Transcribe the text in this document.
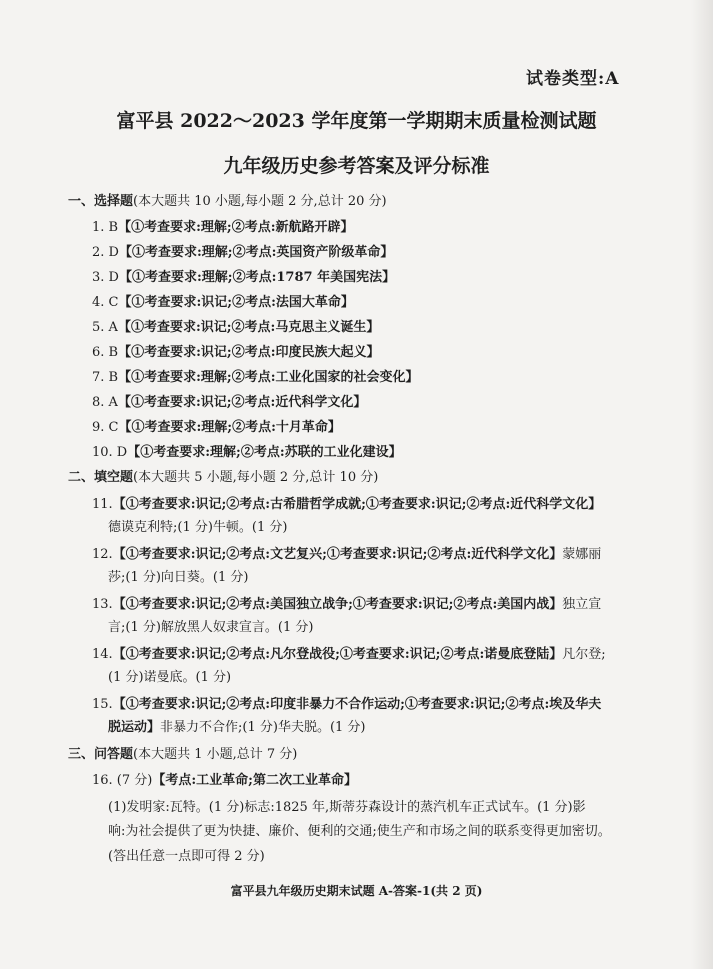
试卷类型:A
富平县 2022～2023 学年度第一学期期末质量检测试题
九年级历史参考答案及评分标准
一、选择题(本大题共 10 小题,每小题 2 分,总计 20 分)
1. B【①考查要求:理解;②考点:新航路开辟】
2. D【①考查要求:理解;②考点:英国资产阶级革命】
3. D【①考查要求:理解;②考点:1787 年美国宪法】
4. C【①考查要求:识记;②考点:法国大革命】
5. A【①考查要求:识记;②考点:马克思主义诞生】
6. B【①考查要求:识记;②考点:印度民族大起义】
7. B【①考查要求:理解;②考点:工业化国家的社会变化】
8. A【①考查要求:识记;②考点:近代科学文化】
9. C【①考查要求:理解;②考点:十月革命】
10. D【①考查要求:理解;②考点:苏联的工业化建设】
二、填空题(本大题共 5 小题,每小题 2 分,总计 10 分)
11.【①考查要求:识记;②考点:古希腊哲学成就;①考查要求:识记;②考点:近代科学文化】
德谟克利特;(1 分)牛顿。(1 分)
12.【①考查要求:识记;②考点:文艺复兴;①考查要求:识记;②考点:近代科学文化】蒙娜丽
莎;(1 分)向日葵。(1 分)
13.【①考查要求:识记;②考点:美国独立战争;①考查要求:识记;②考点:美国内战】独立宣
言;(1 分)解放黑人奴隶宣言。(1 分)
14.【①考查要求:识记;②考点:凡尔登战役;①考查要求:识记;②考点:诺曼底登陆】凡尔登;
(1 分)诺曼底。(1 分)
15.【①考查要求:识记;②考点:印度非暴力不合作运动;①考查要求:识记;②考点:埃及华夫
脱运动】非暴力不合作;(1 分)华夫脱。(1 分)
三、问答题(本大题共 1 小题,总计 7 分)
16. (7 分)【考点:工业革命;第二次工业革命】
(1)发明家:瓦特。(1 分)标志:1825 年,斯蒂芬森设计的蒸汽机车正式试车。(1 分)影
响:为社会提供了更为快捷、廉价、便利的交通;使生产和市场之间的联系变得更加密切。
(答出任意一点即可得 2 分)
富平县九年级历史期末试题 A-答案-1(共 2 页)
